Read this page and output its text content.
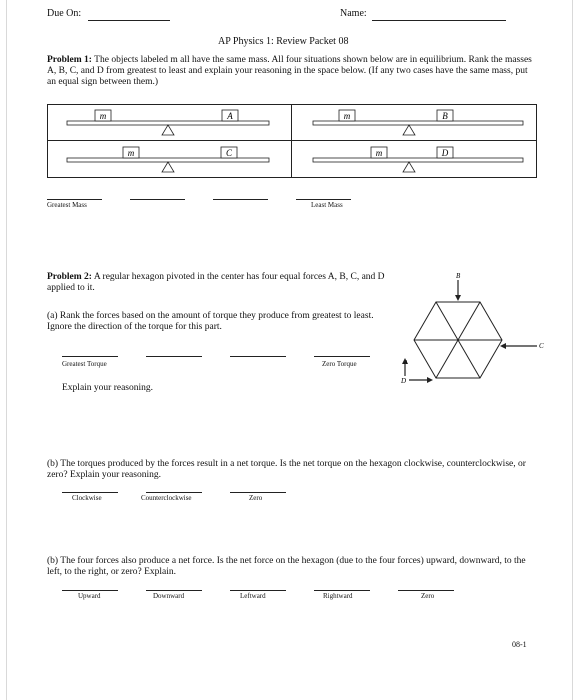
Due On:	Name:
AP Physics 1: Review Packet 08
Problem 1: The objects labeled m all have the same mass. All four situations shown below are in equilibrium. Rank the masses A, B, C, and D from greatest to least and explain your reasoning in the space below. (If any two cases have the same mass, put an equal sign between them.)
m	A	m	B
m	C	m	D
Greatest Mass	Least Mass
Problem 2: A regular hexagon pivoted in the center has four equal forces A, B, C, and D applied to it.
(a) Rank the forces based on the amount of torque they produce from greatest to least. Ignore the direction of the torque for this part.
Greatest Torque	Zero Torque
Explain your reasoning.
B
C
A
D
(b) The torques produced by the forces result in a net torque. Is the net torque on the hexagon clockwise, counterclockwise, or zero? Explain your reasoning.
Clockwise	Counterclockwise	Zero
(b) The four forces also produce a net force. Is the net force on the hexagon (due to the four forces) upward, downward, to the left, to the right, or zero? Explain.
Upward	Downward	Leftward	Rightward	Zero
08-1
